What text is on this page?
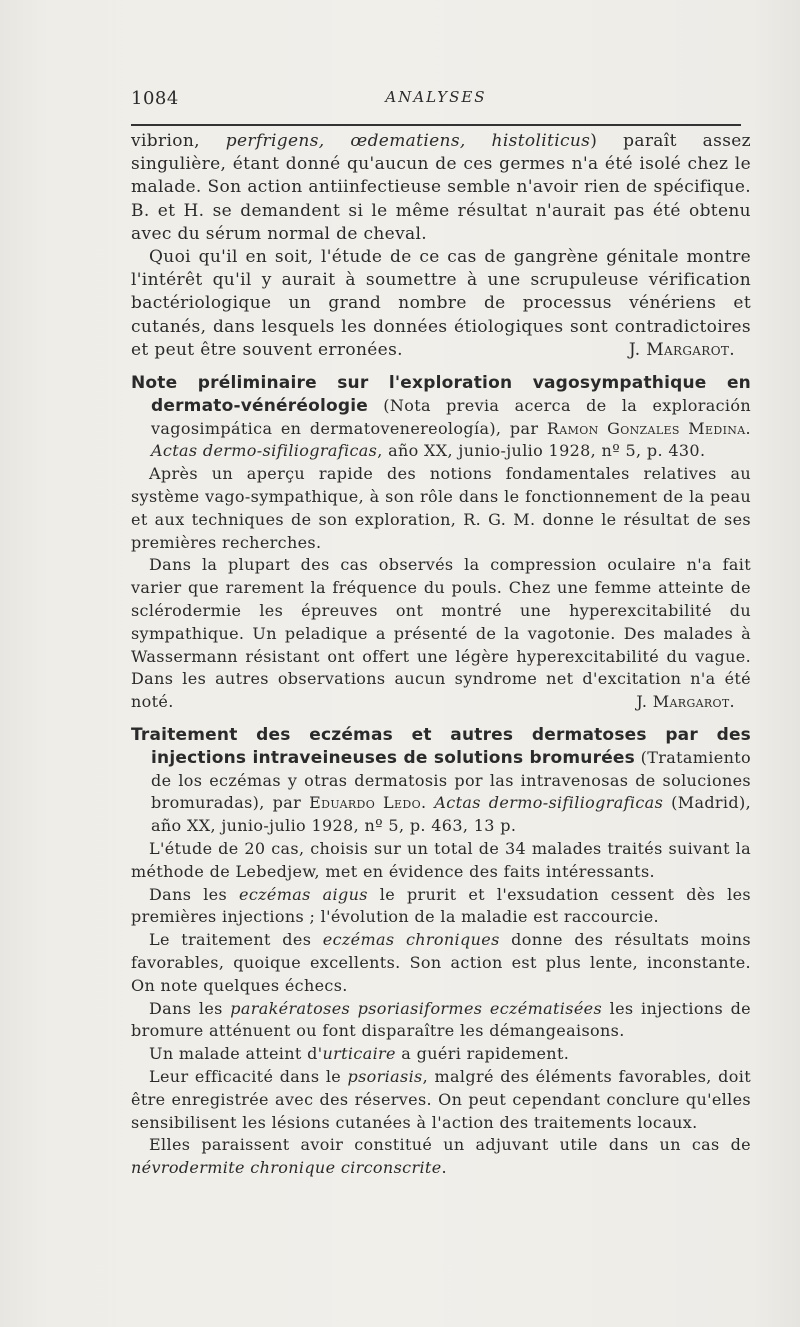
1084	ANALYSES

vibrion, perfrigens, œdematiens, histoliticus) paraît assez singulière, étant donné qu'aucun de ces germes n'a été isolé chez le malade. Son action antiinfectieuse semble n'avoir rien de spécifique. B. et H. se demandent si le même résultat n'aurait pas été obtenu avec du sérum normal de cheval.

Quoi qu'il en soit, l'étude de ce cas de gangrène génitale montre l'intérêt qu'il y aurait à soumettre à une scrupuleuse vérification bactériologique un grand nombre de processus vénériens et cutanés, dans lesquels les données étiologiques sont contradictoires et peut être souvent erronées.	J. Margarot.

Note préliminaire sur l'exploration vagosympathique en dermato-vénéréologie (Nota previa acerca de la exploración vagosimpática en dermatovenereología), par Ramon Gonzales Medina. Actas dermo-sifiliograficas, año XX, junio-julio 1928, nº 5, p. 430.

Après un aperçu rapide des notions fondamentales relatives au système vago-sympathique, à son rôle dans le fonctionnement de la peau et aux techniques de son exploration, R. G. M. donne le résultat de ses premières recherches.

Dans la plupart des cas observés la compression oculaire n'a fait varier que rarement la fréquence du pouls. Chez une femme atteinte de sclérodermie les épreuves ont montré une hyperexcitabilité du sympathique. Un peladique a présenté de la vagotonie. Des malades à Wassermann résistant ont offert une légère hyperexcitabilité du vague. Dans les autres observations aucun syndrome net d'excitation n'a été noté.	J. Margarot.

Traitement des eczémas et autres dermatoses par des injections intraveineuses de solutions bromurées (Tratamiento de los eczémas y otras dermatosis por las intravenosas de soluciones bromuradas), par Eduardo Ledo. Actas dermo-sifiliograficas (Madrid), año XX, junio-julio 1928, nº 5, p. 463, 13 p.

L'étude de 20 cas, choisis sur un total de 34 malades traités suivant la méthode de Lebedjew, met en évidence des faits intéressants.

Dans les eczémas aigus le prurit et l'exsudation cessent dès les premières injections ; l'évolution de la maladie est raccourcie.

Le traitement des eczémas chroniques donne des résultats moins favorables, quoique excellents. Son action est plus lente, inconstante. On note quelques échecs.

Dans les parakératoses psoriasiformes eczématisées les injections de bromure atténuent ou font disparaître les démangeaisons.

Un malade atteint d'urticaire a guéri rapidement.

Leur efficacité dans le psoriasis, malgré des éléments favorables, doit être enregistrée avec des réserves. On peut cependant conclure qu'elles sensibilisent les lésions cutanées à l'action des traitements locaux.

Elles paraissent avoir constitué un adjuvant utile dans un cas de névrodermite chronique circonscrite.
